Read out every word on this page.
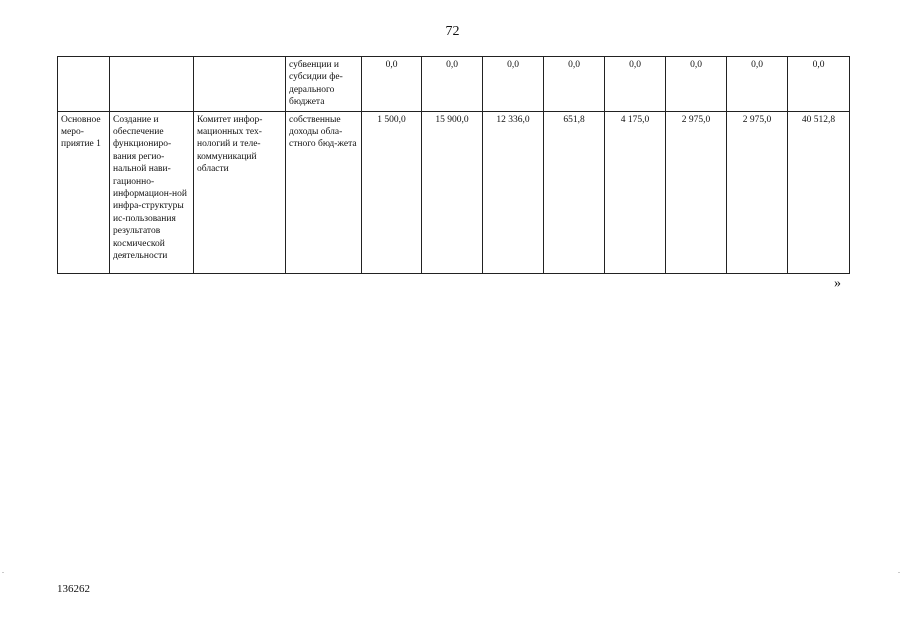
72
			субвенции и субсидии фе-дерального бюджета	0,0	0,0	0,0	0,0	0,0	0,0	0,0	0,0
Основное меро-приятие 1	Создание и обеспечение функциониро-вания регио-нальной нави-гационно-информацион-ной инфра-структуры ис-пользования результатов космической деятельности	Комитет инфор-мационных тех-нологий и теле-коммуникаций области	собственные доходы обла-стного бюд-жета	1 500,0	15 900,0	12 336,0	651,8	4 175,0	2 975,0	2 975,0	40 512,8
»
136262
.	.
